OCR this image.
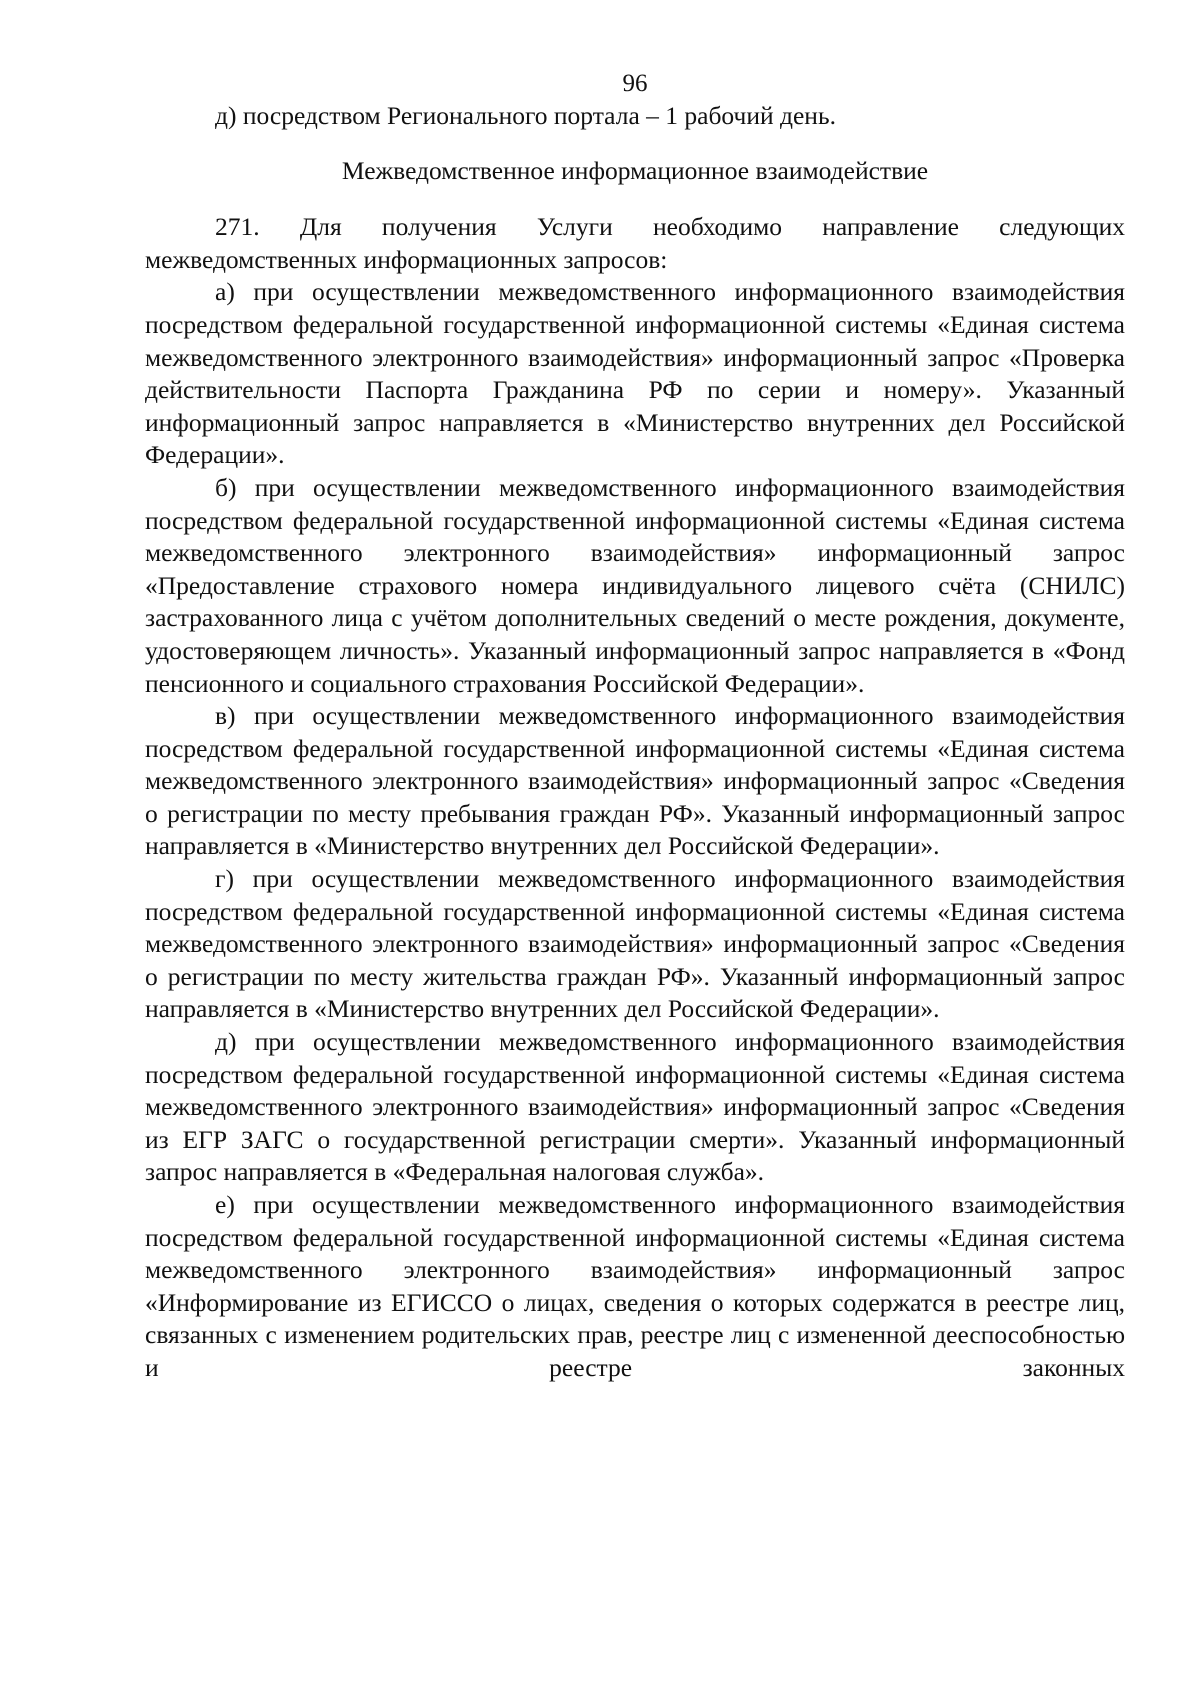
96

д) посредством Регионального портала – 1 рабочий день.

Межведомственное информационное взаимодействие

271. Для получения Услуги необходимо направление следующих межведомственных информационных запросов:

а) при осуществлении межведомственного информационного взаимодействия посредством федеральной государственной информационной системы «Единая система межведомственного электронного взаимодействия» информационный запрос «Проверка действительности Паспорта Гражданина РФ по серии и номеру». Указанный информационный запрос направляется в «Министерство внутренних дел Российской Федерации».

б) при осуществлении межведомственного информационного взаимодействия посредством федеральной государственной информационной системы «Единая система межведомственного электронного взаимодействия» информационный запрос «Предоставление страхового номера индивидуального лицевого счёта (СНИЛС) застрахованного лица с учётом дополнительных сведений о месте рождения, документе, удостоверяющем личность». Указанный информационный запрос направляется в «Фонд пенсионного и социального страхования Российской Федерации».

в) при осуществлении межведомственного информационного взаимодействия посредством федеральной государственной информационной системы «Единая система межведомственного электронного взаимодействия» информационный запрос «Сведения о регистрации по месту пребывания граждан РФ». Указанный информационный запрос направляется в «Министерство внутренних дел Российской Федерации».

г) при осуществлении межведомственного информационного взаимодействия посредством федеральной государственной информационной системы «Единая система межведомственного электронного взаимодействия» информационный запрос «Сведения о регистрации по месту жительства граждан РФ». Указанный информационный запрос направляется в «Министерство внутренних дел Российской Федерации».

д) при осуществлении межведомственного информационного взаимодействия посредством федеральной государственной информационной системы «Единая система межведомственного электронного взаимодействия» информационный запрос «Сведения из ЕГР ЗАГС о государственной регистрации смерти». Указанный информационный запрос направляется в «Федеральная налоговая служба».

е) при осуществлении межведомственного информационного взаимодействия посредством федеральной государственной информационной системы «Единая система межведомственного электронного взаимодействия» информационный запрос «Информирование из ЕГИССО о лицах, сведения о которых содержатся в реестре лиц, связанных с изменением родительских прав, реестре лиц с измененной дееспособностью и реестре законных
